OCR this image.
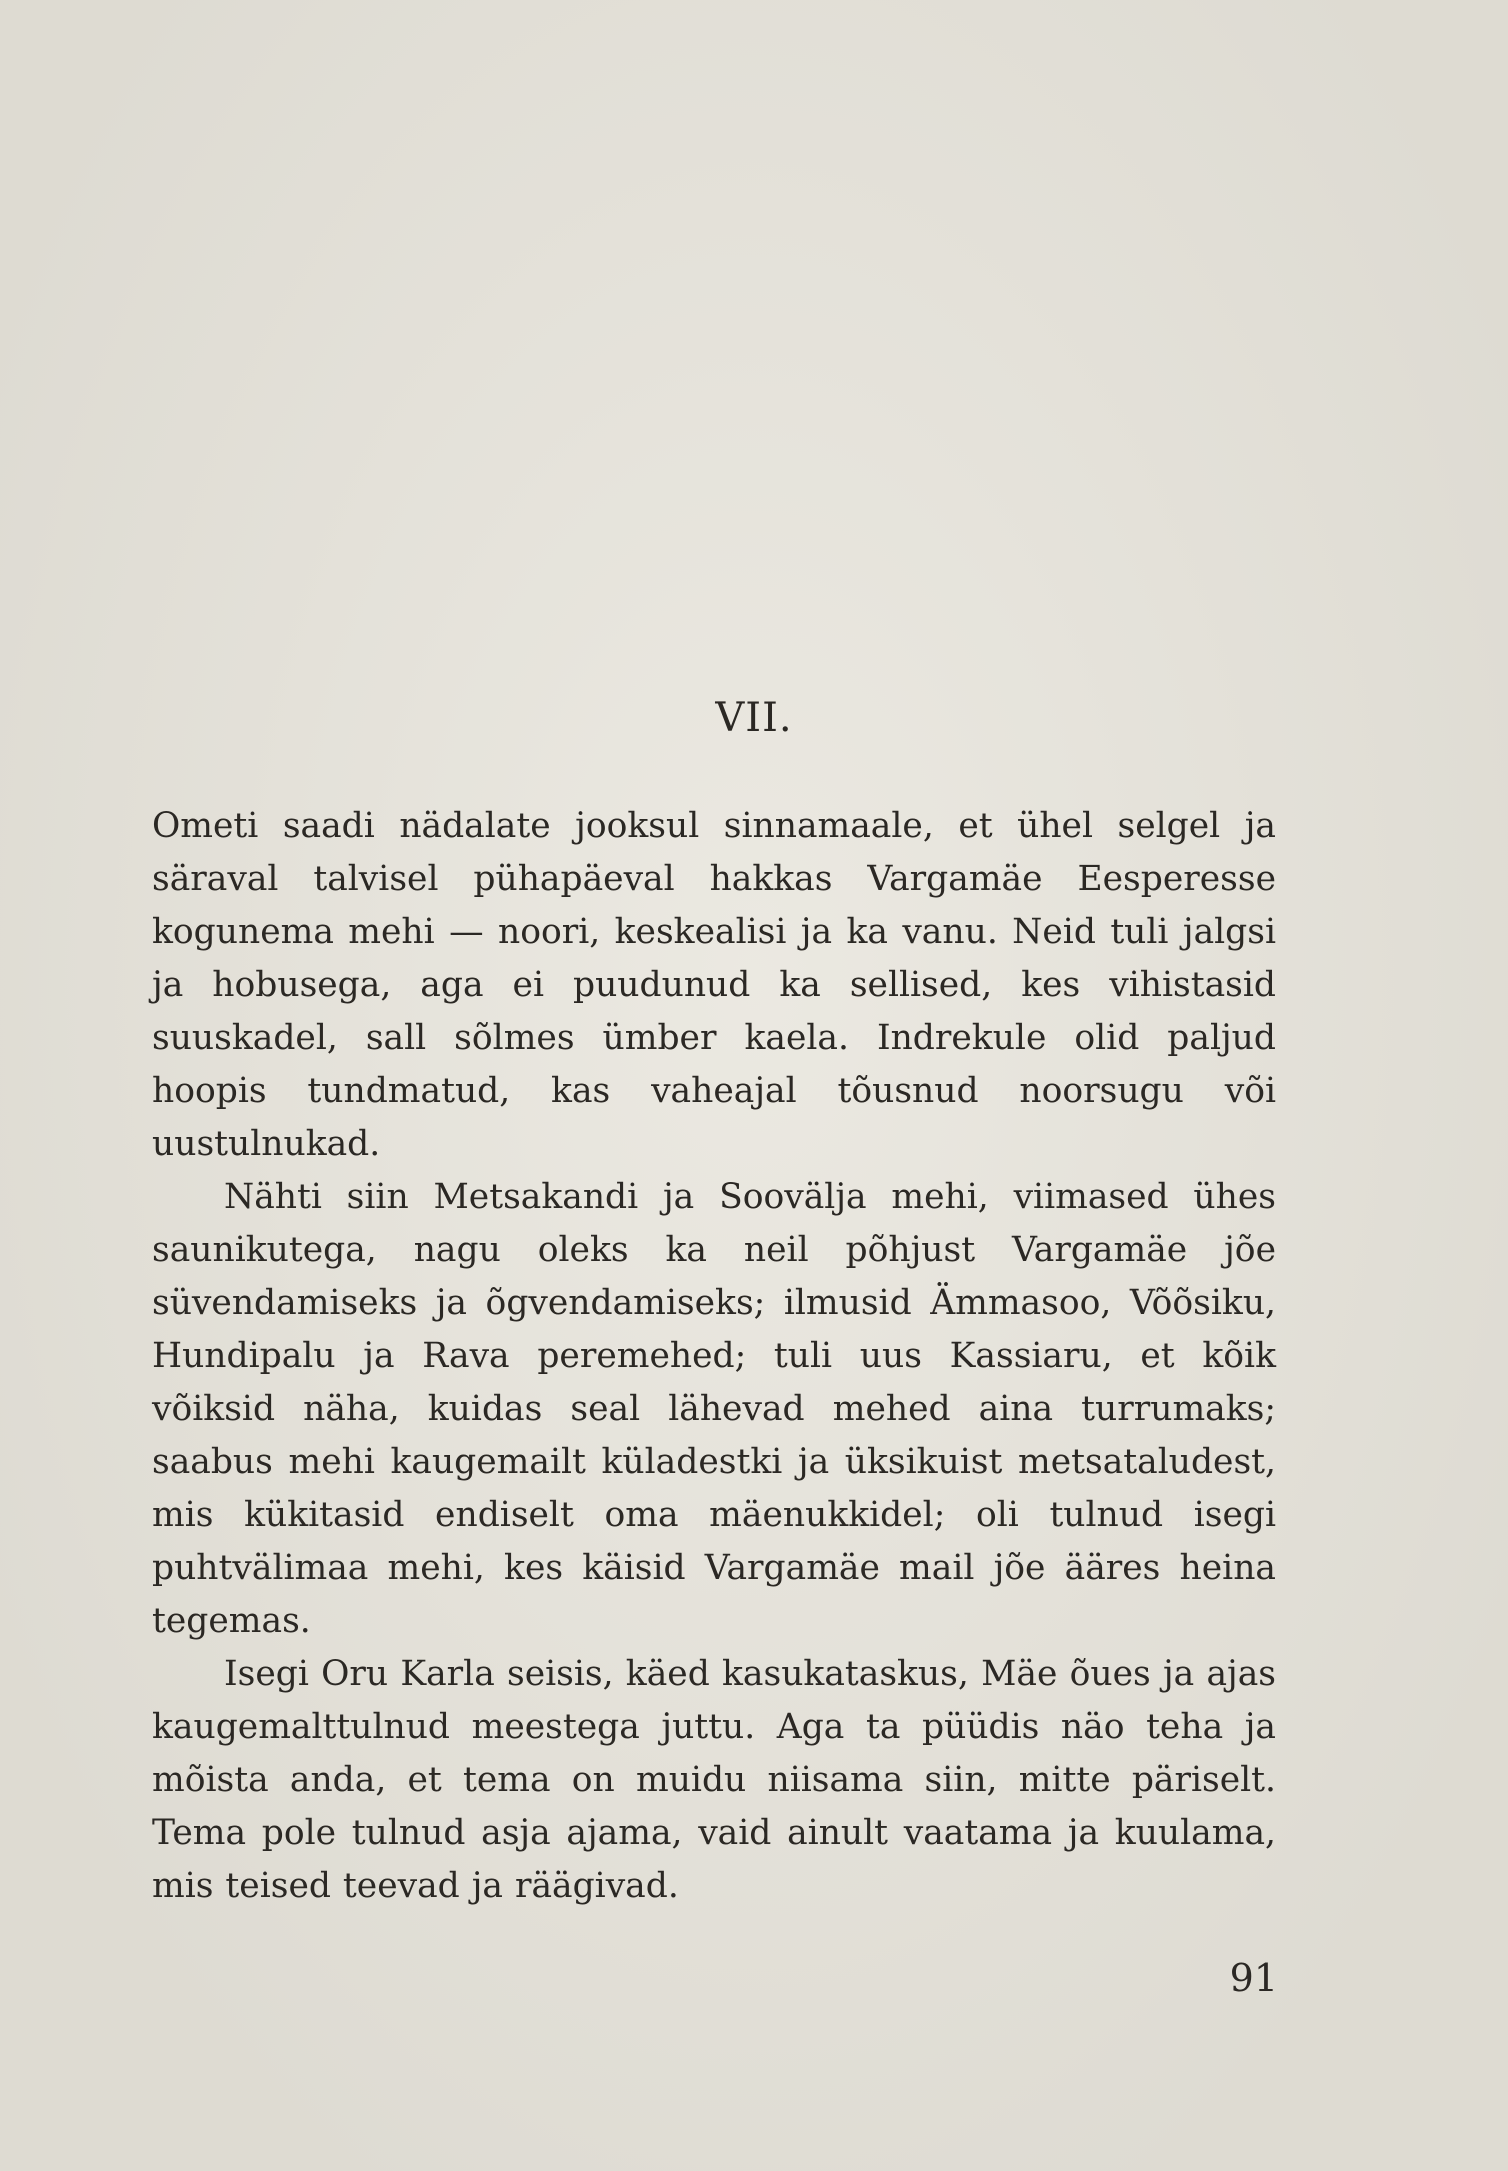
VII.

Ometi saadi nädalate jooksul sinnamaale, et ühel selgel ja säraval talvisel pühapäeval hakkas Vargamäe Eesperesse kogunema mehi — noori, keskealisi ja ka vanu. Neid tuli jalgsi ja hobusega, aga ei puudunud ka sellised, kes vihistasid suuskadel, sall sõlmes ümber kaela. Indrekule olid paljud hoopis tundmatud, kas vaheajal tõusnud noorsugu või uustulnukad.

Nähti siin Metsakandi ja Soovälja mehi, viimased ühes saunikutega, nagu oleks ka neil põhjust Vargamäe jõe süvendamiseks ja õgvendamiseks; ilmusid Ämmasoo, Võõsiku, Hundipalu ja Rava peremehed; tuli uus Kassiaru, et kõik võiksid näha, kuidas seal lähevad mehed aina turrumaks; saabus mehi kaugemailt küladestki ja üksikuist metsataludest, mis kükitasid endiselt oma mäenukkidel; oli tulnud isegi puhtvälimaa mehi, kes käisid Vargamäe mail jõe ääres heina tegemas.

Isegi Oru Karla seisis, käed kasukataskus, Mäe õues ja ajas kaugemalttulnud meestega juttu. Aga ta püüdis näo teha ja mõista anda, et tema on muidu niisama siin, mitte päriselt. Tema pole tulnud asja ajama, vaid ainult vaatama ja kuulama, mis teised teevad ja räägivad.

91
